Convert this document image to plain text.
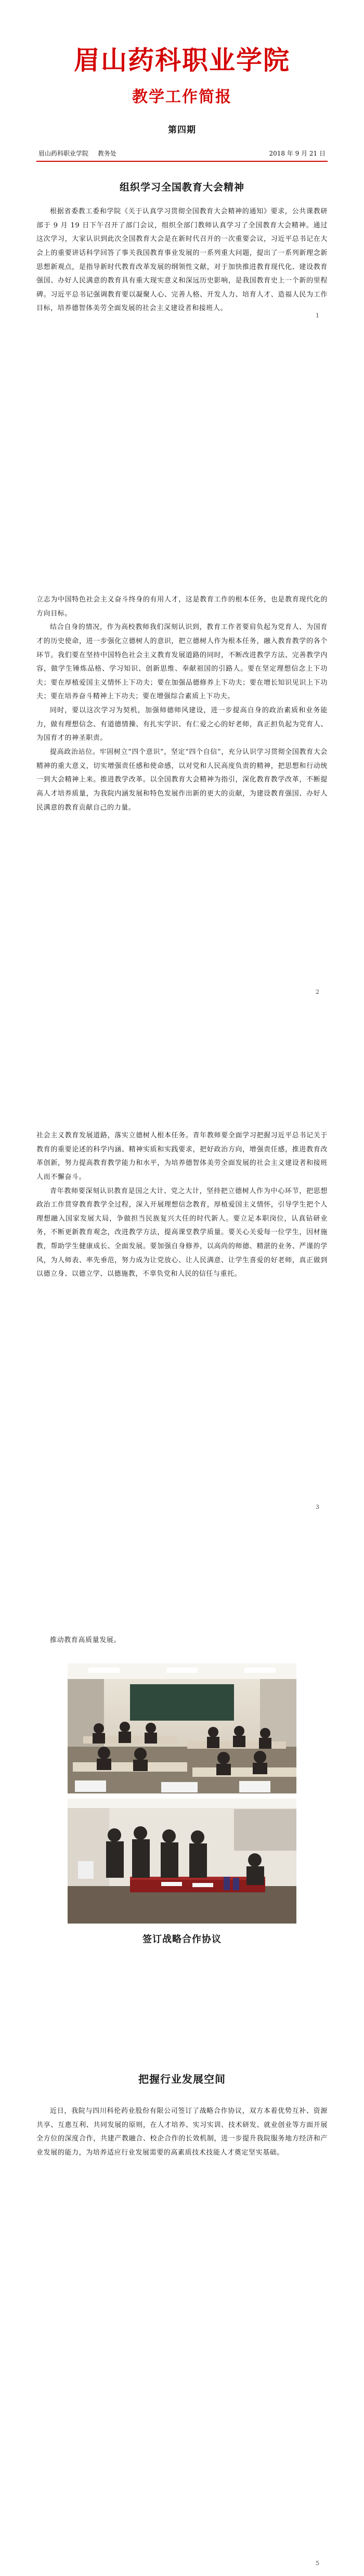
眉山药科职业学院
教学工作简报
第四期
眉山药科职业学院 教务处	2018 年 9 月 21 日
组织学习全国教育大会精神

根据省委教工委和学院《关于认真学习贯彻全国教育大会精神的通知》要求，公共课教研部于 9 月 19 日下午召开了部门会议，组织全部门教师认真学习了全国教育大会精神。通过这次学习，大家认识到此次全国教育大会是在新时代召开的一次重要会议，习近平总书记在大会上的重要讲话科学回答了事关我国教育事业发展的一系列重大问题，提出了一系列新理念新思想新观点，是指导新时代教育改革发展的纲领性文献，对于加快推进教育现代化、建设教育强国、办好人民满意的教育具有重大现实意义和深远历史影响，是我国教育史上一个新的里程碑。习近平总书记强调教育要以凝聚人心、完善人格、开发人力、培育人才、造福人民为工作目标，培养德智体美劳全面发展的社会主义建设者和接班人。

1

立志为中国特色社会主义奋斗终身的有用人才，这是教育工作的根本任务，也是教育现代化的方向目标。

结合自身的情况，作为高校教师我们深刻认识到，教育工作者要肩负起为党育人、为国育才的历史使命，进一步强化立德树人的意识，把立德树人作为根本任务，融入教育教学的各个环节。我们要在坚持中国特色社会主义教育发展道路的同时，不断改进教学方法、完善教学内容，做学生锤炼品格、学习知识、创新思维、奉献祖国的引路人。要在坚定理想信念上下功夫；要在厚植爱国主义情怀上下功夫；要在加强品德修养上下功夫；要在增长知识见识上下功夫；要在培养奋斗精神上下功夫；要在增强综合素质上下功夫。

同时，要以这次学习为契机，加强师德师风建设，进一步提高自身的政治素质和业务能力，做有理想信念、有道德情操、有扎实学识、有仁爱之心的好老师，真正担负起为党育人、为国育才的神圣职责。

提高政治站位。牢固树立“四个意识”，坚定“四个自信”，充分认识学习贯彻全国教育大会精神的重大意义，切实增强责任感和使命感，以对党和人民高度负责的精神，把思想和行动统一到大会精神上来。推进教学改革。以全国教育大会精神为指引，深化教育教学改革，不断提高人才培养质量，为我院内涵发展和特色发展作出新的更大的贡献，为建设教育强国、办好人民满意的教育贡献自己的力量。

2

社会主义教育发展道路，落实立德树人根本任务。青年教师要全面学习把握习近平总书记关于教育的重要论述的科学内涵、精神实质和实践要求，把好政治方向，增强责任感，推进教育改革创新，努力提高教育教学能力和水平，为培养德智体美劳全面发展的社会主义建设者和接班人而不懈奋斗。

青年教师要深刻认识教育是国之大计、党之大计，坚持把立德树人作为中心环节，把思想政治工作贯穿教育教学全过程，深入开展理想信念教育，厚植爱国主义情怀，引导学生把个人理想融入国家发展大局，争做担当民族复兴大任的时代新人。要立足本职岗位，认真钻研业务，不断更新教育观念，改进教学方法，提高课堂教学质量。要关心关爱每一位学生，因材施教，帮助学生健康成长、全面发展。要加强自身修养，以高尚的师德、精湛的业务、严谨的学风，为人师表、率先垂范，努力成为让党放心、让人民满意、让学生喜爱的好老师，真正做到以德立身、以德立学、以德施教，不辜负党和人民的信任与重托。

3

推动教育高质量发展。

签订战略合作协议
把握行业发展空间

近日，我院与四川科伦药业股份有限公司签订了战略合作协议，双方本着优势互补、资源共享、互惠互利、共同发展的原则，在人才培养、实习实训、技术研发、就业创业等方面开展全方位的深度合作，共建产教融合、校企合作的长效机制，进一步提升我院服务地方经济和产业发展的能力，为培养适应行业发展需要的高素质技术技能人才奠定坚实基础。

5
